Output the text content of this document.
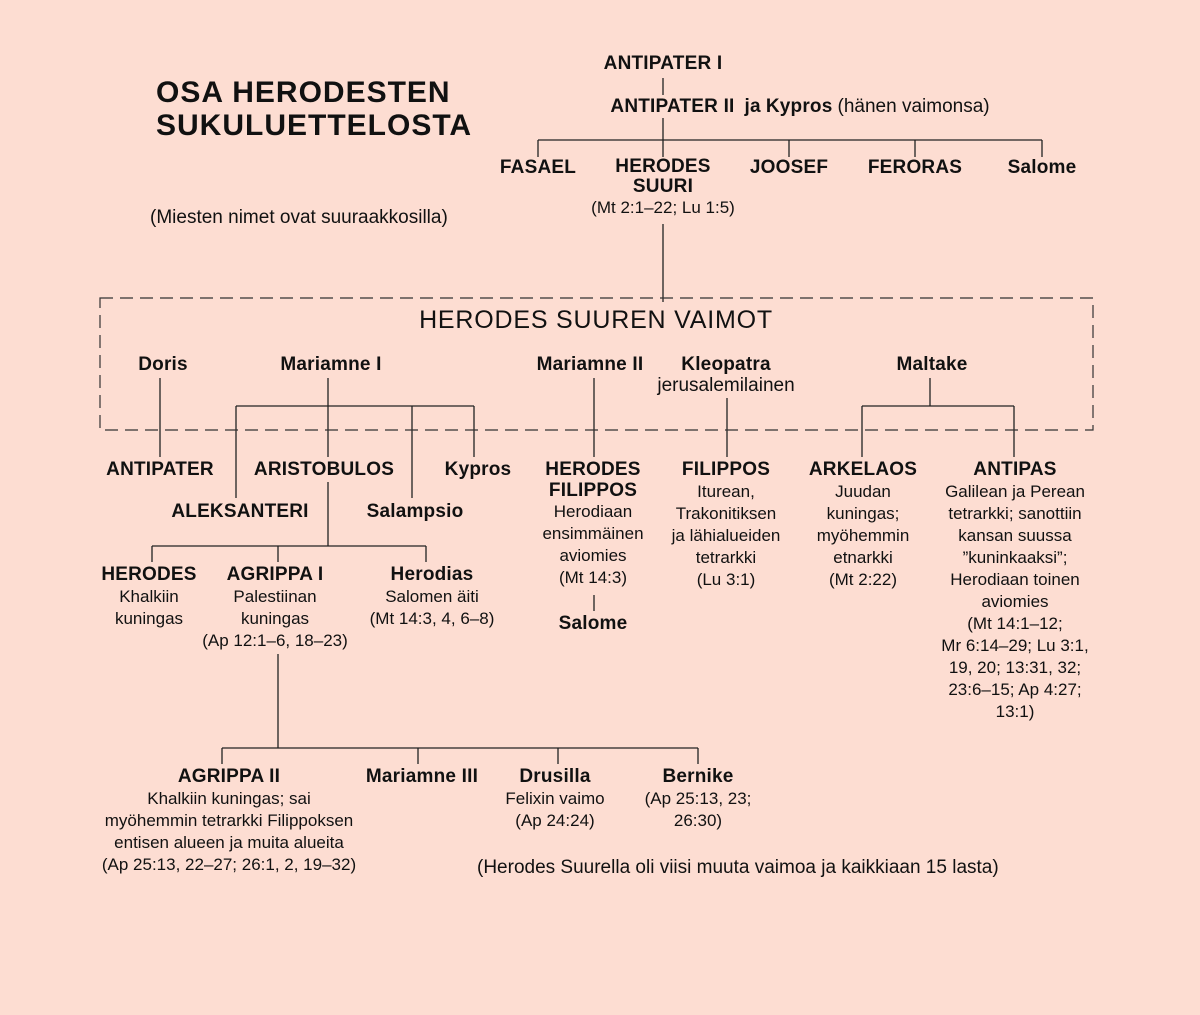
OSA HERODESTEN
SUKULUETTELOSTA
(Miesten nimet ovat suuraakkosilla)
ANTIPATER I
ANTIPATER II ja Kypros (hänen vaimonsa)
FASAEL	HERODES
SUURI
(Mt 2:1–22; Lu 1:5)
JOOSEF FERORAS Salome
HERODES SUUREN VAIMOT
Doris	Mariamne I	Mariamne II	Kleopatra
jerusalemilainen
Maltake
ANTIPATER ARISTOBULOS	Kypros
ALEKSANTERI	Salampsio
HERODES
FILIPPOS
Herodiaan
ensimmäinen
aviomies
(Mt 14:3)
Salome
FILIPPOS
Iturean,
Trakonitiksen
ja lähialueiden
tetrarkki
(Lu 3:1)
ARKELAOS
Juudan
kuningas;
myöhemmin
etnarkki
(Mt 2:22)
ANTIPAS
Galilean ja Perean
tetrarkki; sanottiin
kansan suussa
”kuninkaaksi”;
Herodiaan toinen
aviomies
(Mt 14:1–12;
Mr 6:14–29; Lu 3:1,
19, 20; 13:31, 32;
23:6–15; Ap 4:27;
13:1)
HERODES
Khalkiin
kuningas
AGRIPPA I
Palestiinan
kuningas
(Ap 12:1–6, 18–23)
Herodias
Salomen äiti
(Mt 14:3, 4, 6–8)
AGRIPPA II
Khalkiin kuningas; sai
myöhemmin tetrarkki Filippoksen
entisen alueen ja muita alueita
(Ap 25:13, 22–27; 26:1, 2, 19–32)
Mariamne III	Drusilla
Felixin vaimo
(Ap 24:24)
Bernike
(Ap 25:13, 23;
26:30)
(Herodes Suurella oli viisi muuta vaimoa ja kaikkiaan 15 lasta)
